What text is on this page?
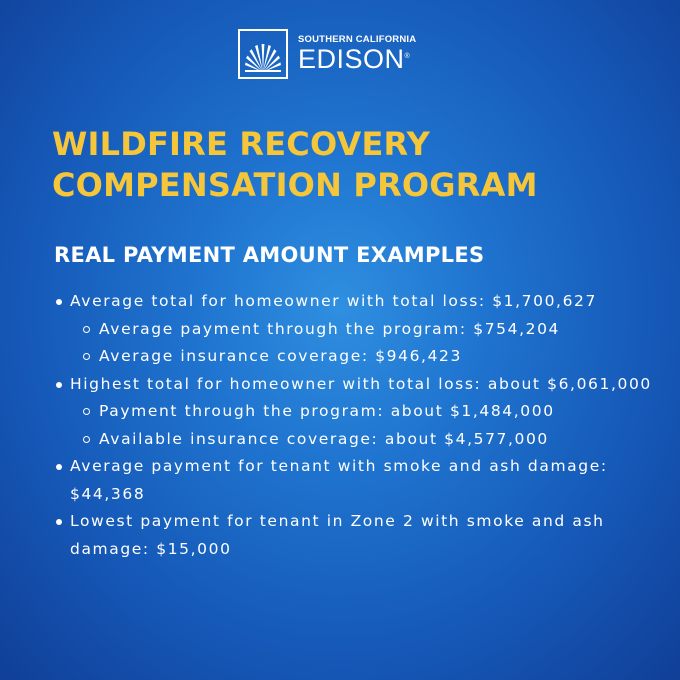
SOUTHERN CALIFORNIA
EDISON®
WILDFIRE RECOVERY
COMPENSATION PROGRAM
REAL PAYMENT AMOUNT EXAMPLES
Average total for homeowner with total loss: $1,700,627
Average payment through the program: $754,204
Average insurance coverage: $946,423
Highest total for homeowner with total loss: about $6,061,000
Payment through the program: about $1,484,000
Available insurance coverage: about $4,577,000
Average payment for tenant with smoke and ash damage: $44,368
Lowest payment for tenant in Zone 2 with smoke and ash damage: $15,000
